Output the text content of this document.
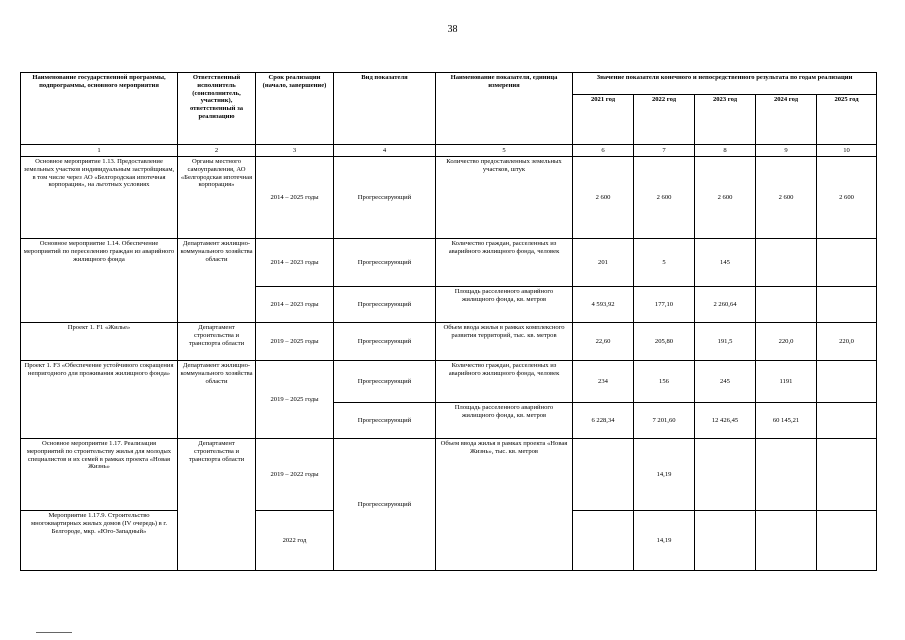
38
Наименование государственной программы, подпрограммы, основного мероприятия	Ответственный исполнитель (соисполнитель, участник), ответственный за реализацию	Срок реализации (начало, завершение)	Вид показателя	Наименование показателя, единица измерения	Значение показателя конечного и непосредственного результата по годам реализации				
					2021 год	2022 год	2023 год	2024 год	2025 год
1	2	3	4	5	6	7	8	9	10
Основное мероприятие 1.13. Предоставление земельных участков индивидуальным застройщикам, в том числе через АО «Белгородская ипотечная корпорация», на льготных условиях	Органы местного самоуправления, АО «Белгородская ипотечная корпорация»	2014 – 2025 годы	Прогрессирующий	Количество предоставленных земельных участков, штук	2 600	2 600	2 600	2 600	2 600
Основное мероприятие 1.14. Обеспечение мероприятий по переселению граждан из аварийного жилищного фонда	Департамент жилищно-коммунального хозяйства области	2014 – 2023 годы	Прогрессирующий	Количество граждан, расселенных из аварийного жилищного фонда, человек	201	5	145		
		2014 – 2023 годы	Прогрессирующий	Площадь расселенного аварийного жилищного фонда, кв. метров	4 593,92	177,10	2 260,64		
Проект 1. F1 «Жилье»	Департамент строительства и транспорта области	2019 – 2025 годы	Прогрессирующий	Объем ввода жилья в рамках комплексного развития территорий, тыс. кв. метров	22,60	205,80	191,5	220,0	220,0
Проект 1. F3 «Обеспечение устойчивого сокращения непригодного для проживания жилищного фонда»	Департамент жилищно-коммунального хозяйства области	2019 – 2025 годы	Прогрессирующий	Количество граждан, расселенных из аварийного жилищного фонда, человек	234	156	245	1191	
			Прогрессирующий	Площадь расселенного аварийного жилищного фонда, кв. метров	6 228,34	7 201,60	12 426,45	60 145,21	
Основное мероприятие 1.17. Реализация мероприятий по строительству жилья для молодых специалистов и их семей в рамках проекта «Новая Жизнь»	Департамент строительства и транспорта области	2019 – 2022 годы	Прогрессирующий	Объем ввода жилья в рамках проекта «Новая Жизнь», тыс. кв. метров		14,19			
Мероприятие 1.17.9. Строительство многоквартирных жилых домов (IV очередь) в г. Белгороде, мкр. «Юго-Западный»		2022 год				14,19			
